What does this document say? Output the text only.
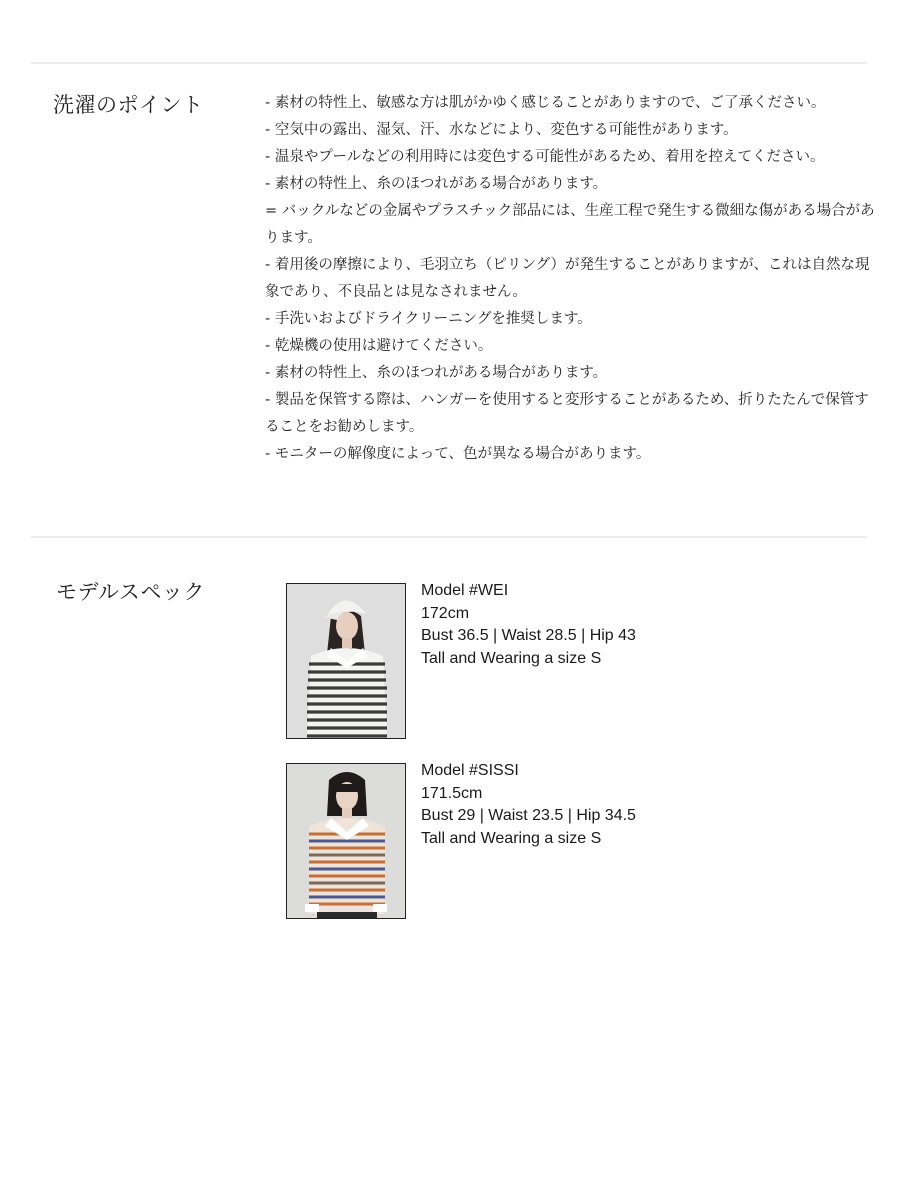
洗濯のポイント	- 素材の特性上、敏感な方は肌がかゆく感じることがありますので、ご了承ください。
- 空気中の露出、湿気、汗、水などにより、変色する可能性があります。
- 温泉やプールなどの利用時には変色する可能性があるため、着用を控えてください。
- 素材の特性上、糸のほつれがある場合があります。
= バックルなどの金属やプラスチック部品には、生産工程で発生する微細な傷がある場合があります。
- 着用後の摩擦により、毛羽立ち（ピリング）が発生することがありますが、これは自然な現象であり、不良品とは見なされません。
- 手洗いおよびドライクリーニングを推奨します。
- 乾燥機の使用は避けてください。
- 素材の特性上、糸のほつれがある場合があります。
- 製品を保管する際は、ハンガーを使用すると変形することがあるため、折りたたんで保管することをお勧めします。
- モニターの解像度によって、色が異なる場合があります。
モデルスペック	Model #WEI
172cm
Bust 36.5 | Waist 28.5 | Hip 43
Tall and Wearing a size S
Model #SISSI
171.5cm
Bust 29 | Waist 23.5 | Hip 34.5
Tall and Wearing a size S
